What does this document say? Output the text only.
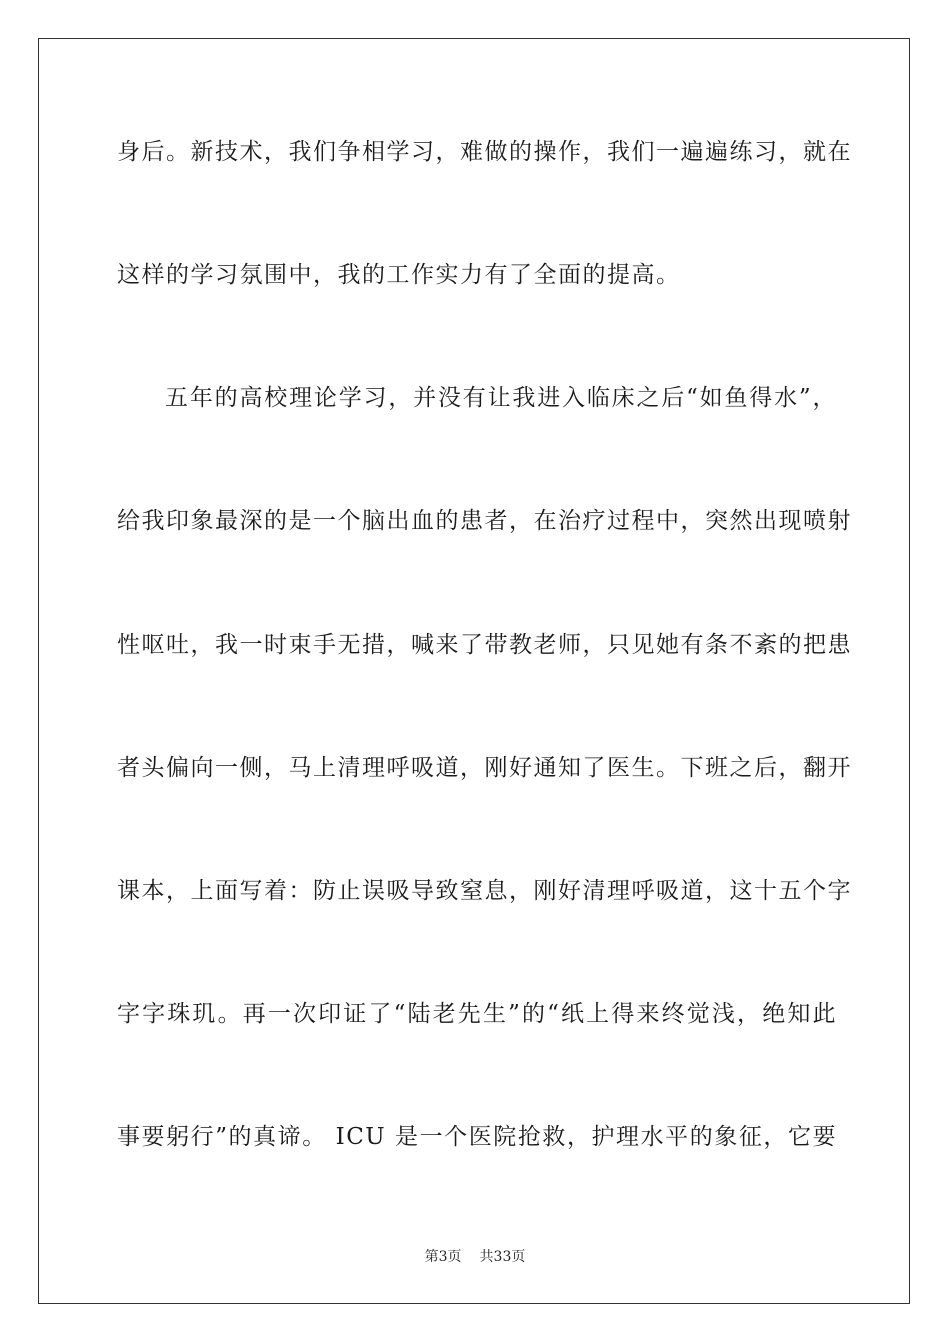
身后。新技术，我们争相学习，难做的操作，我们一遍遍练习，就在
这样的学习氛围中，我的工作实力有了全面的提高。
五年的高校理论学习，并没有让我进入临床之后“如鱼得水”，
给我印象最深的是一个脑出血的患者，在治疗过程中，突然出现喷射
性呕吐，我一时束手无措，喊来了带教老师，只见她有条不紊的把患
者头偏向一侧，马上清理呼吸道，刚好通知了医生。下班之后，翻开
课本，上面写着：防止误吸导致窒息，刚好清理呼吸道，这十五个字
字字珠玑。再一次印证了“陆老先生”的“纸上得来终觉浅，绝知此
事要躬行”的真谛。 ICU 是一个医院抢救，护理水平的象征，它要
第3页 共33页
